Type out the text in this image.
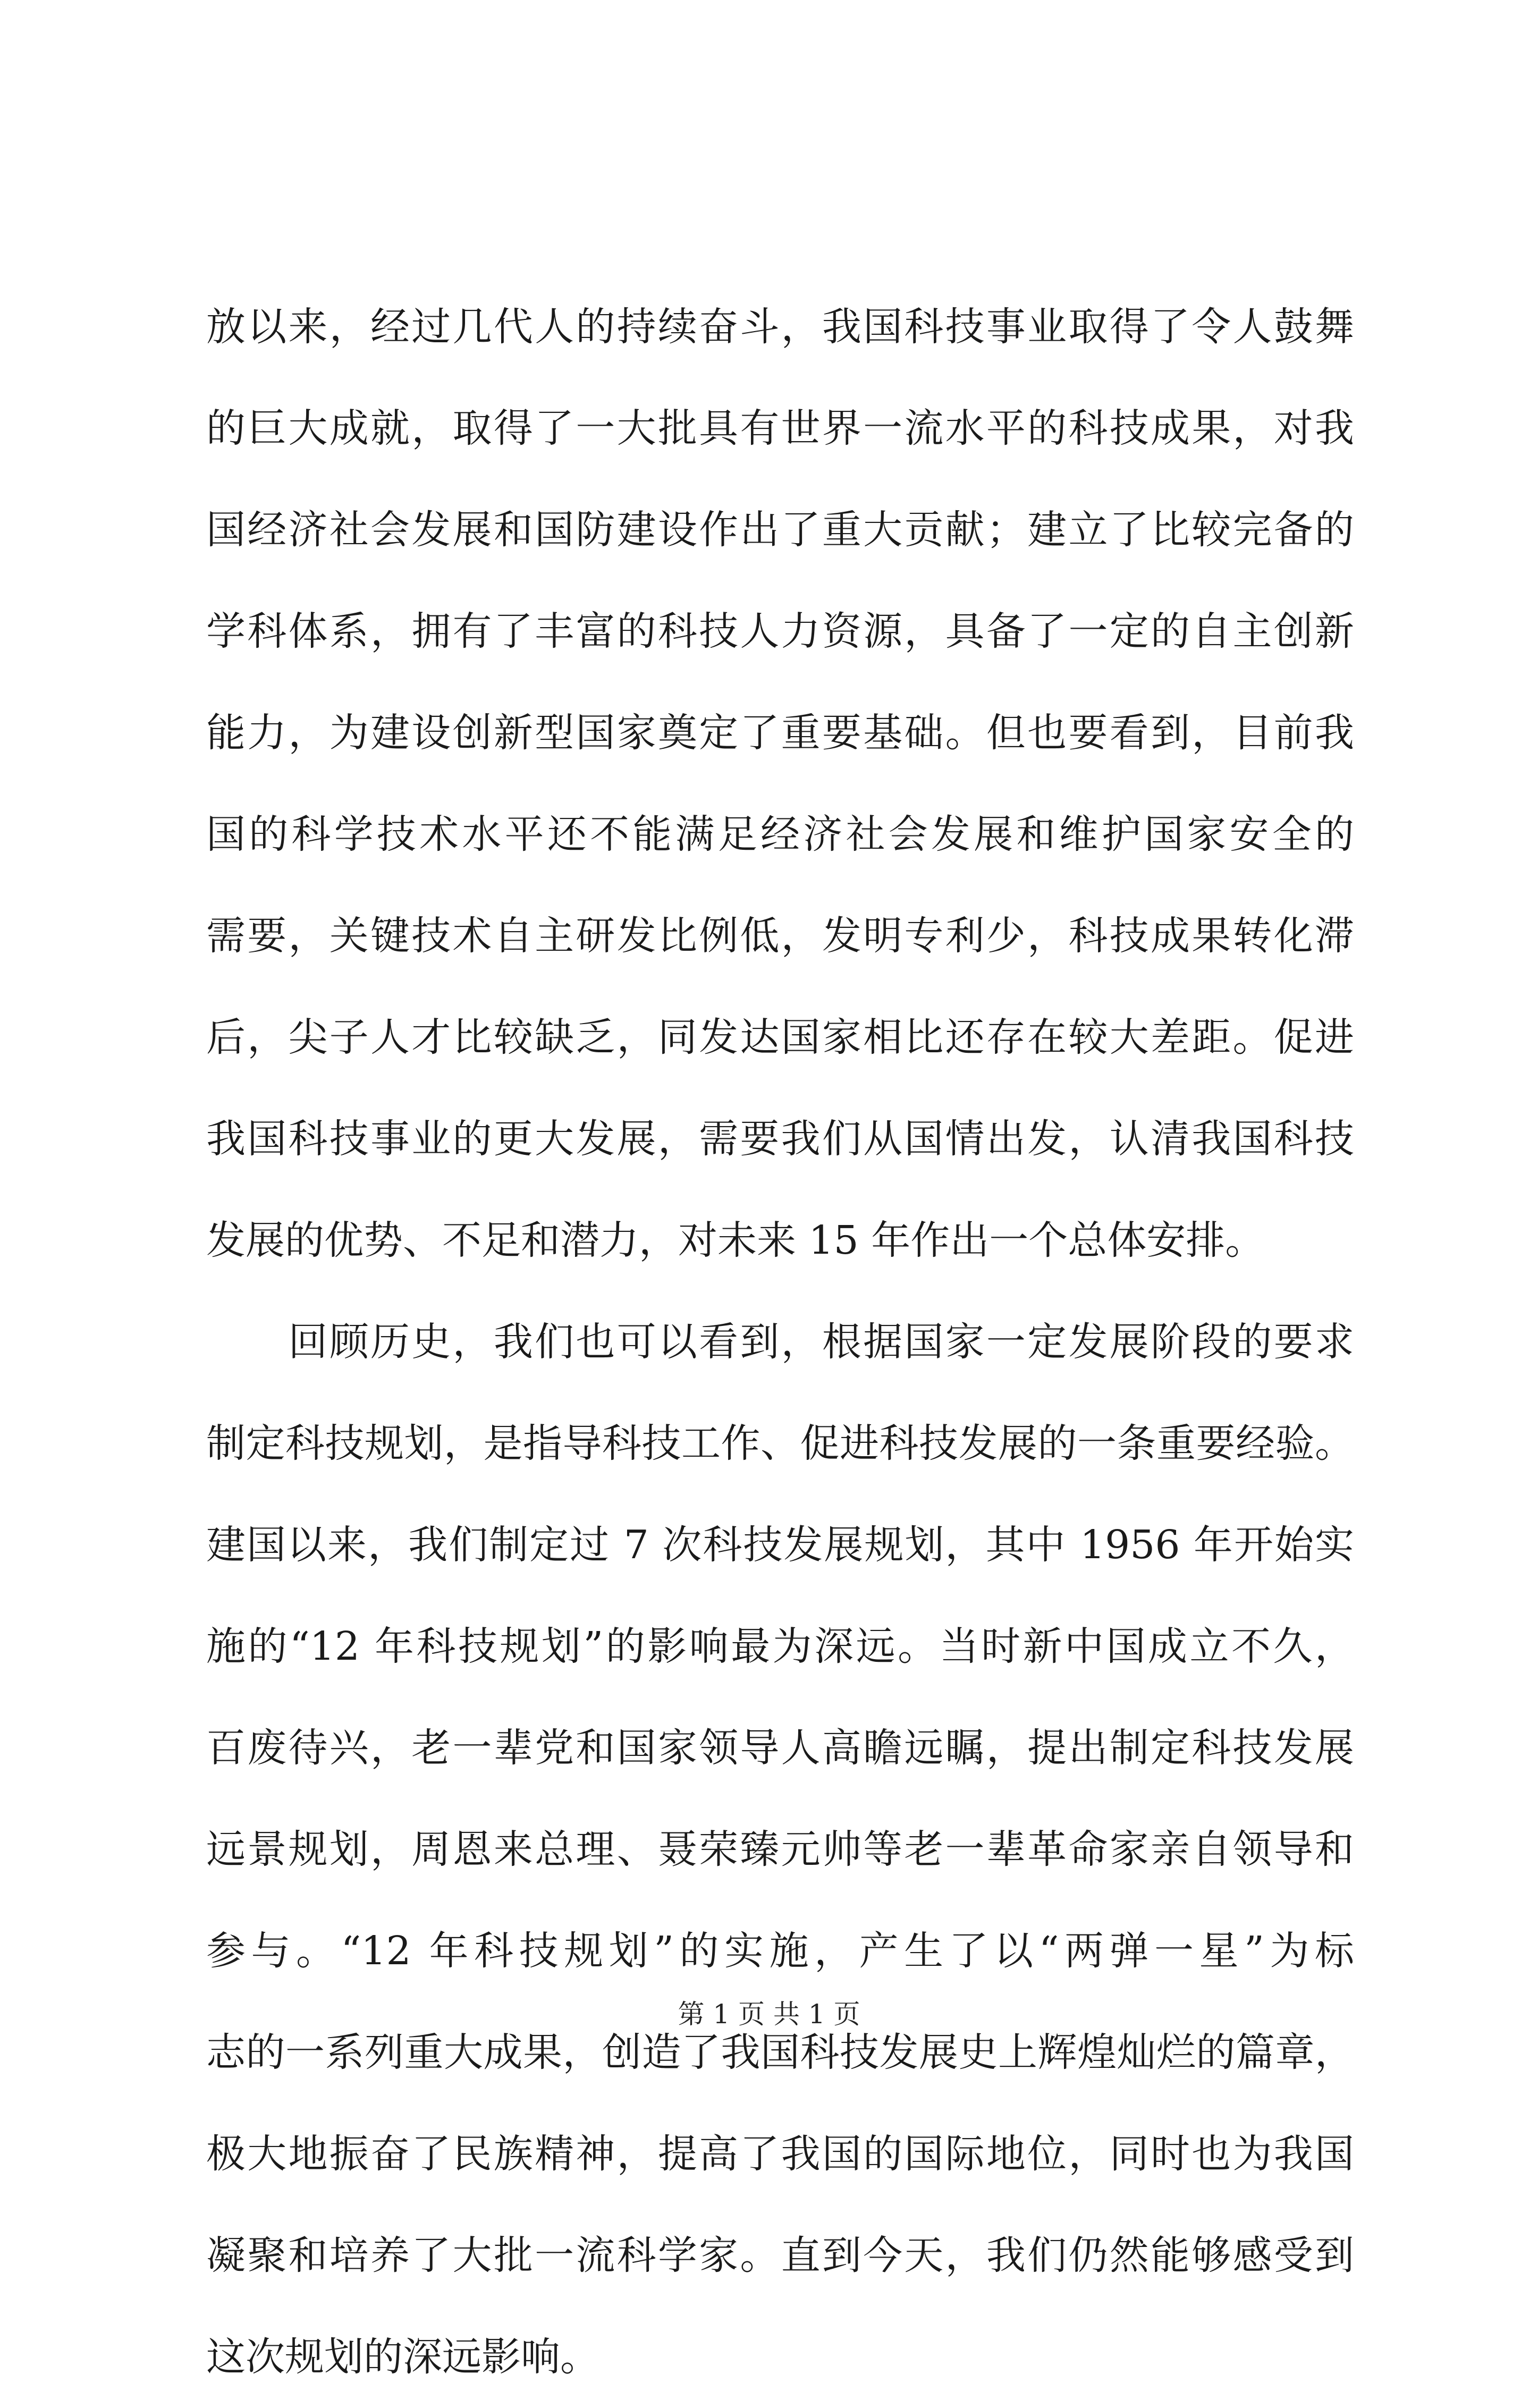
放以来，经过几代人的持续奋斗，我国科技事业取得了令人鼓舞
的巨大成就，取得了一大批具有世界一流水平的科技成果，对我
国经济社会发展和国防建设作出了重大贡献；建立了比较完备的
学科体系，拥有了丰富的科技人力资源，具备了一定的自主创新
能力，为建设创新型国家奠定了重要基础。但也要看到，目前我
国的科学技术水平还不能满足经济社会发展和维护国家安全的
需要，关键技术自主研发比例低，发明专利少，科技成果转化滞
后，尖子人才比较缺乏，同发达国家相比还存在较大差距。促进
我国科技事业的更大发展，需要我们从国情出发，认清我国科技
发展的优势、不足和潜力，对未来 15 年作出一个总体安排。
　　回顾历史，我们也可以看到，根据国家一定发展阶段的要求
制定科技规划，是指导科技工作、促进科技发展的一条重要经验。
建国以来，我们制定过 7 次科技发展规划，其中 1956 年开始实
施的“12 年科技规划”的影响最为深远。当时新中国成立不久，
百废待兴，老一辈党和国家领导人高瞻远瞩，提出制定科技发展
远景规划，周恩来总理、聂荣臻元帅等老一辈革命家亲自领导和
参与。“12 年科技规划”的实施，产生了以“两弹一星”为标
志的一系列重大成果，创造了我国科技发展史上辉煌灿烂的篇章，
极大地振奋了民族精神，提高了我国的国际地位，同时也为我国
凝聚和培养了大批一流科学家。直到今天，我们仍然能够感受到
这次规划的深远影响。
第 1 页 共 1 页
